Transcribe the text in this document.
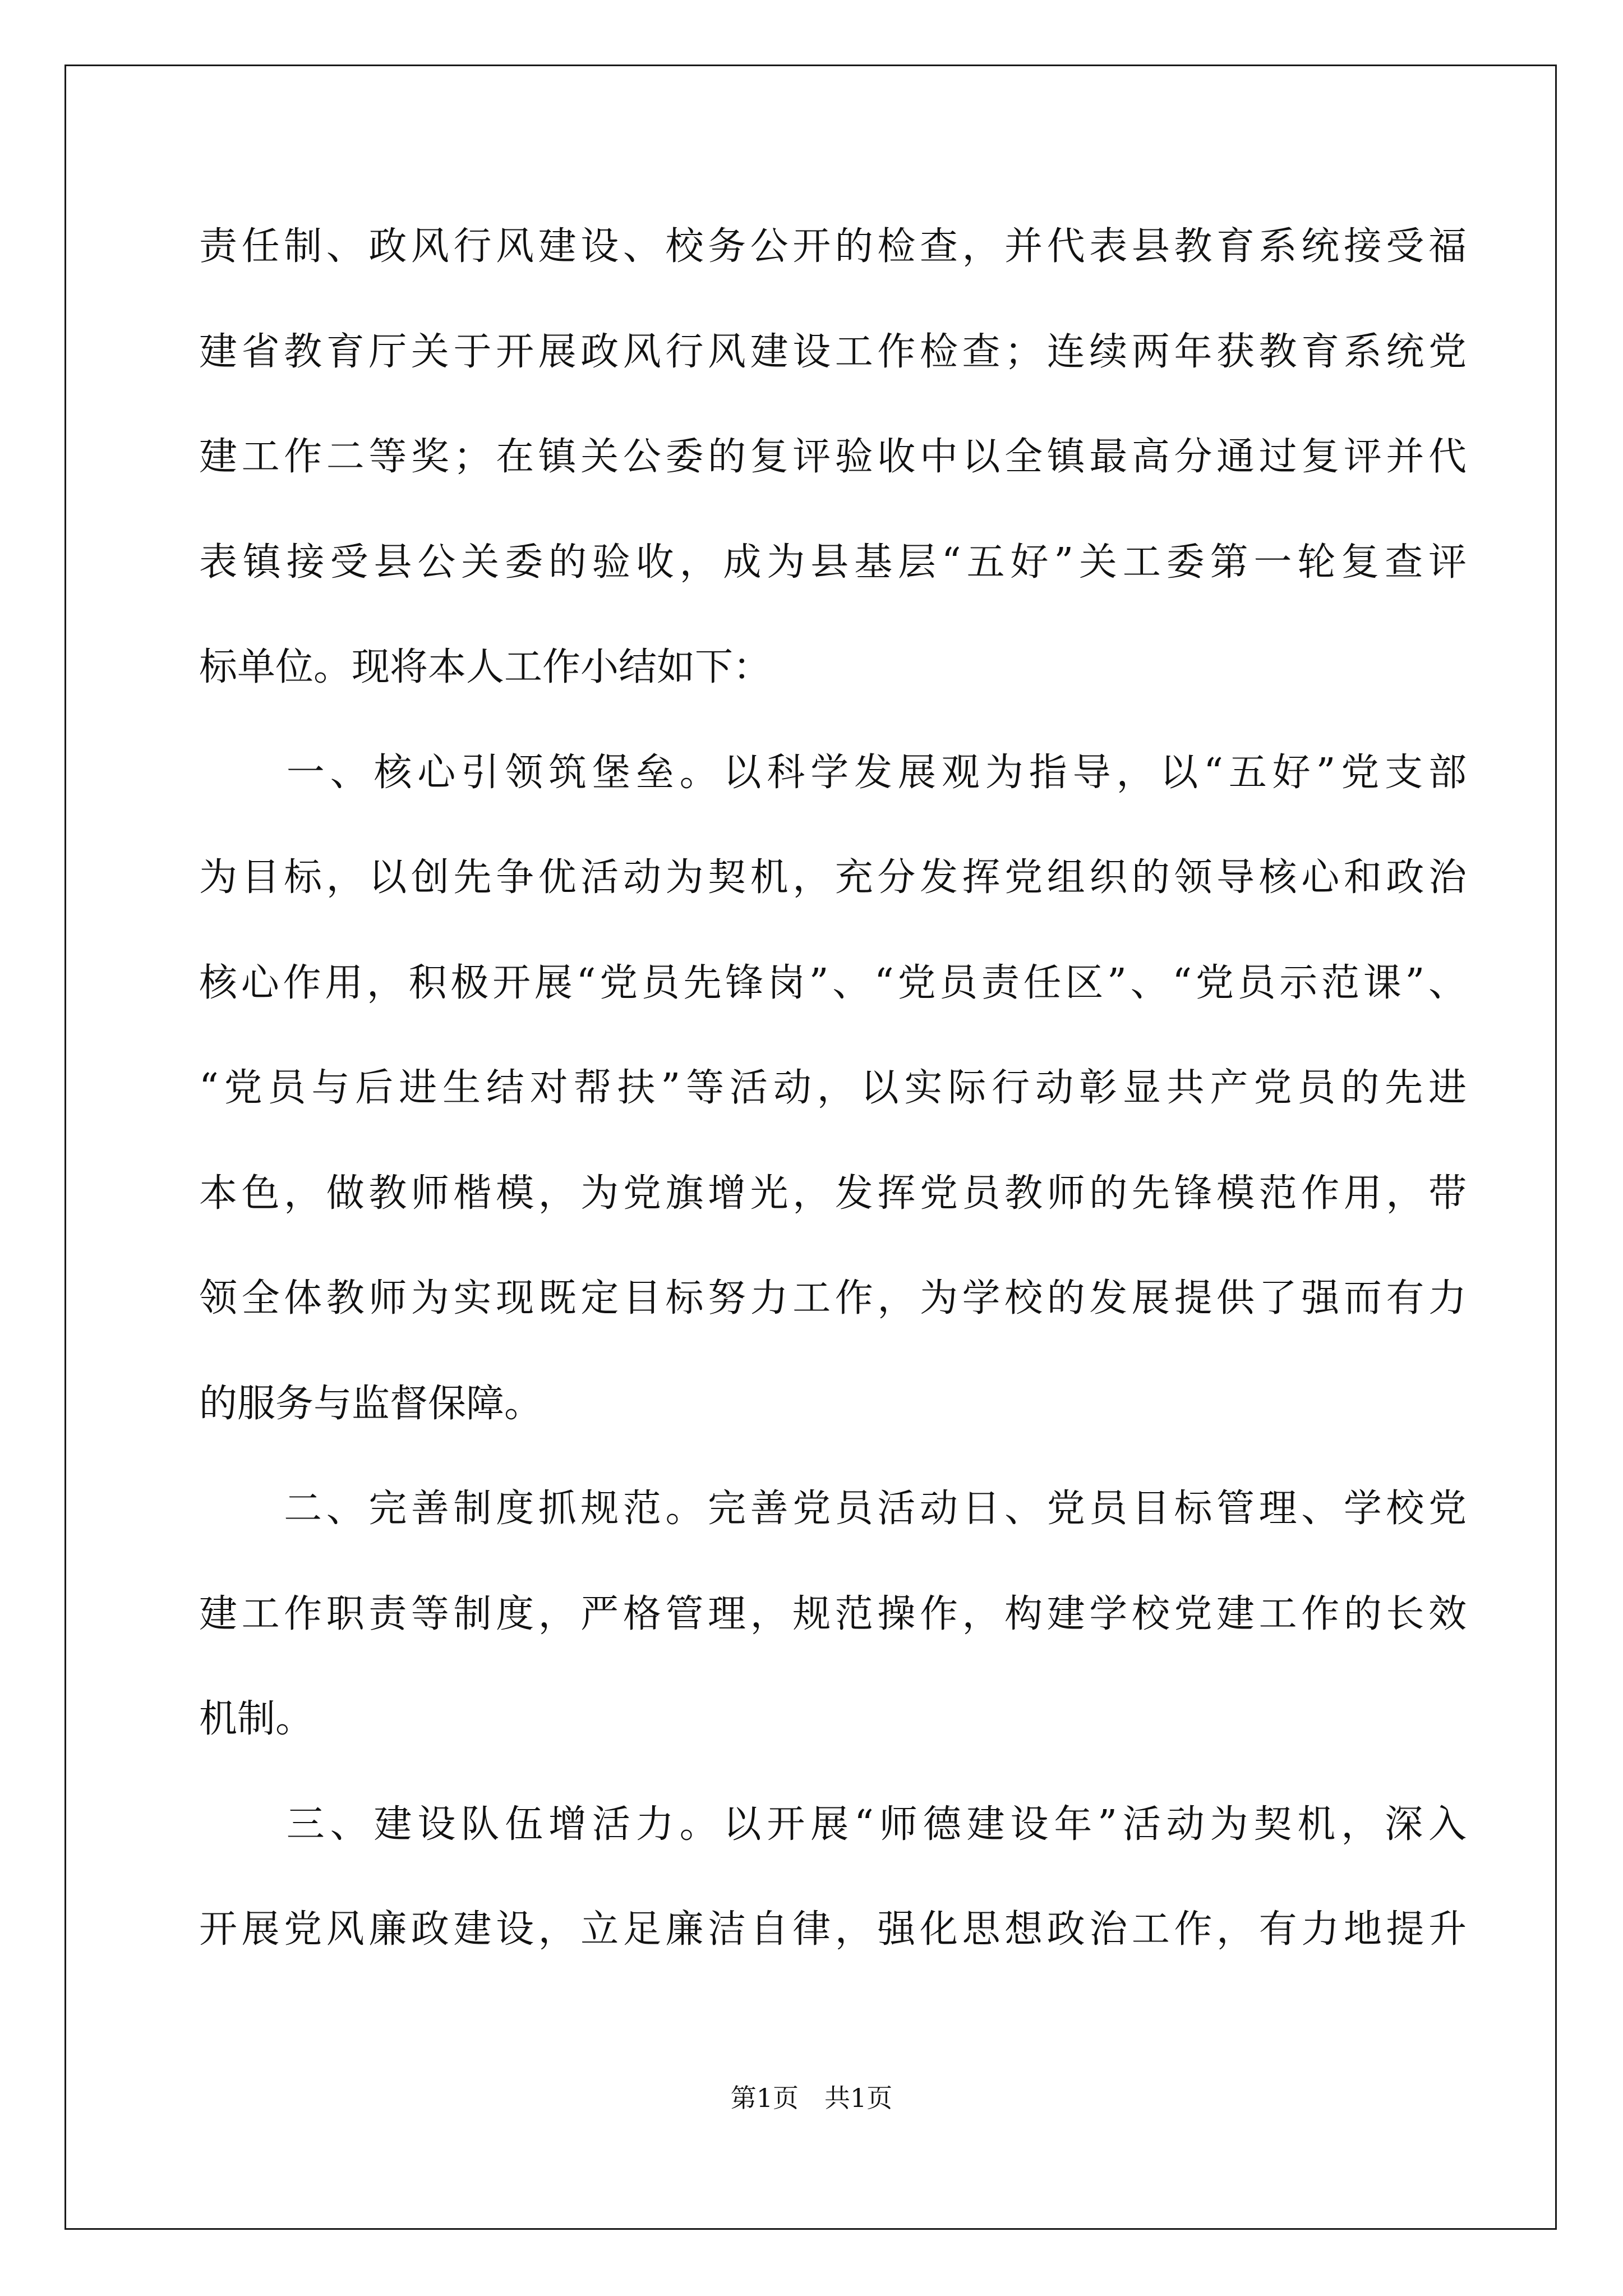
责任制、政风行风建设、校务公开的检查，并代表县教育系统接受福
建省教育厅关于开展政风行风建设工作检查；连续两年获教育系统党
建工作二等奖；在镇关公委的复评验收中以全镇最高分通过复评并代
表镇接受县公关委的验收，成为县基层“五好”关工委第一轮复查评
标单位。现将本人工作小结如下：
　　一、核心引领筑堡垒。以科学发展观为指导，以“五好”党支部
为目标，以创先争优活动为契机，充分发挥党组织的领导核心和政治
核心作用，积极开展“党员先锋岗”、“党员责任区”、“党员示范课”、
“党员与后进生结对帮扶”等活动，以实际行动彰显共产党员的先进
本色，做教师楷模，为党旗增光，发挥党员教师的先锋模范作用，带
领全体教师为实现既定目标努力工作，为学校的发展提供了强而有力
的服务与监督保障。
　　二、完善制度抓规范。完善党员活动日、党员目标管理、学校党
建工作职责等制度，严格管理，规范操作，构建学校党建工作的长效
机制。
　　三、建设队伍增活力。以开展“师德建设年”活动为契机，深入
开展党风廉政建设，立足廉洁自律，强化思想政治工作，有力地提升
第1页　共1页
